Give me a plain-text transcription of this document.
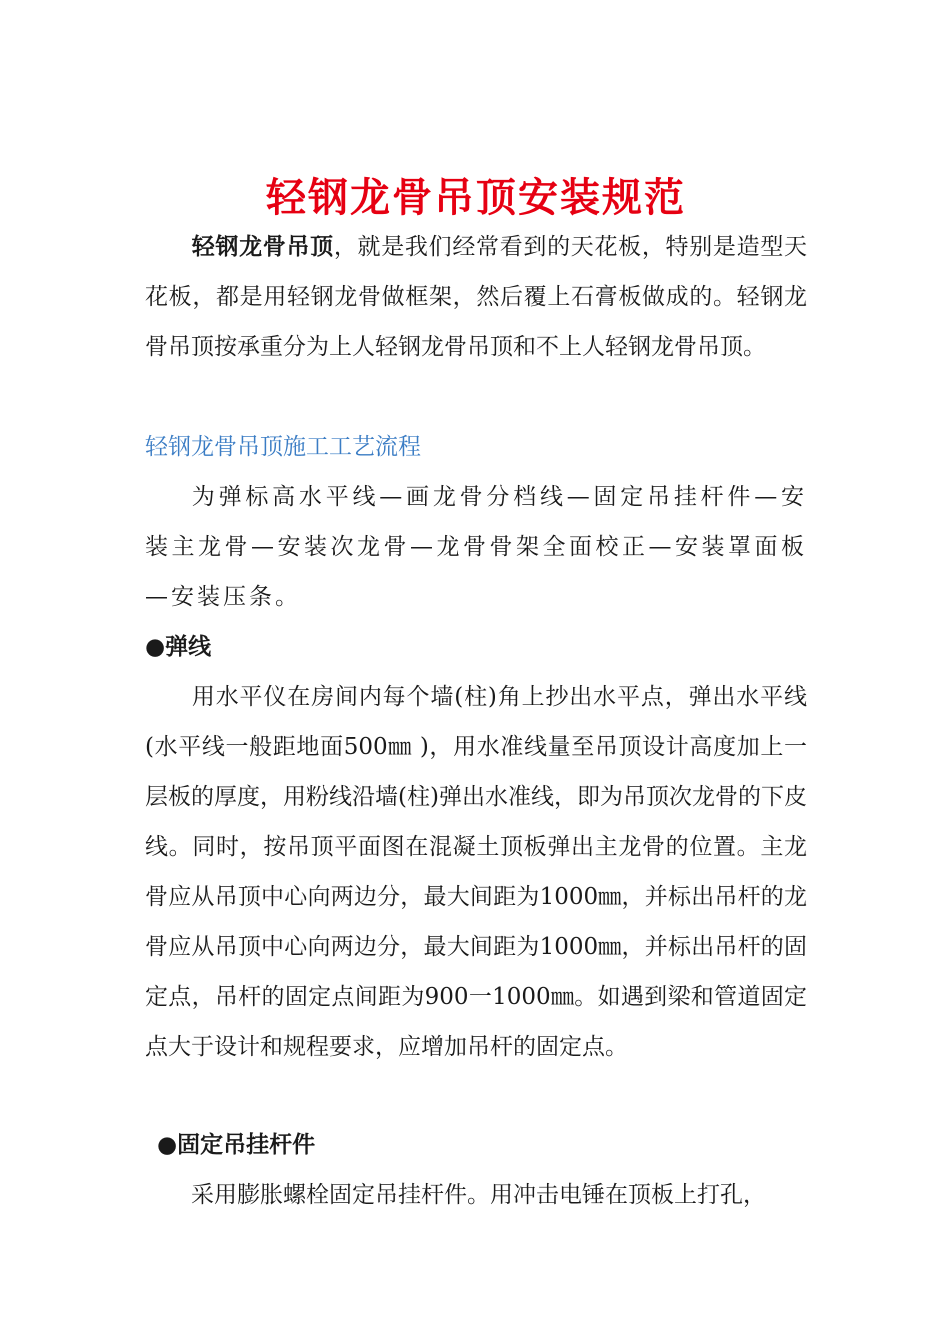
轻钢龙骨吊顶安装规范
轻钢龙骨吊顶，就是我们经常看到的天花板，特别是造型天花板，都是用轻钢龙骨做框架，然后覆上石膏板做成的。轻钢龙骨吊顶按承重分为上人轻钢龙骨吊顶和不上人轻钢龙骨吊顶。
轻钢龙骨吊顶施工工艺流程
为弹标高水平线—画龙骨分档线—固定吊挂杆件—安装主龙骨—安装次龙骨—龙骨骨架全面校正—安装罩面板—安装压条。
●弹线
用水平仪在房间内每个墙(柱)角上抄出水平点，弹出水平线(水平线一般距地面500㎜ )，用水准线量至吊顶设计高度加上一层板的厚度，用粉线沿墙(柱)弹出水准线，即为吊顶次龙骨的下皮线。同时，按吊顶平面图在混凝土顶板弹出主龙骨的位置。主龙骨应从吊顶中心向两边分，最大间距为1000㎜，并标出吊杆的龙骨应从吊顶中心向两边分，最大间距为1000㎜，并标出吊杆的固定点，吊杆的固定点间距为900一1000㎜。如遇到梁和管道固定点大于设计和规程要求，应增加吊杆的固定点。
●固定吊挂杆件
采用膨胀螺栓固定吊挂杆件。用冲击电锤在顶板上打孔，
